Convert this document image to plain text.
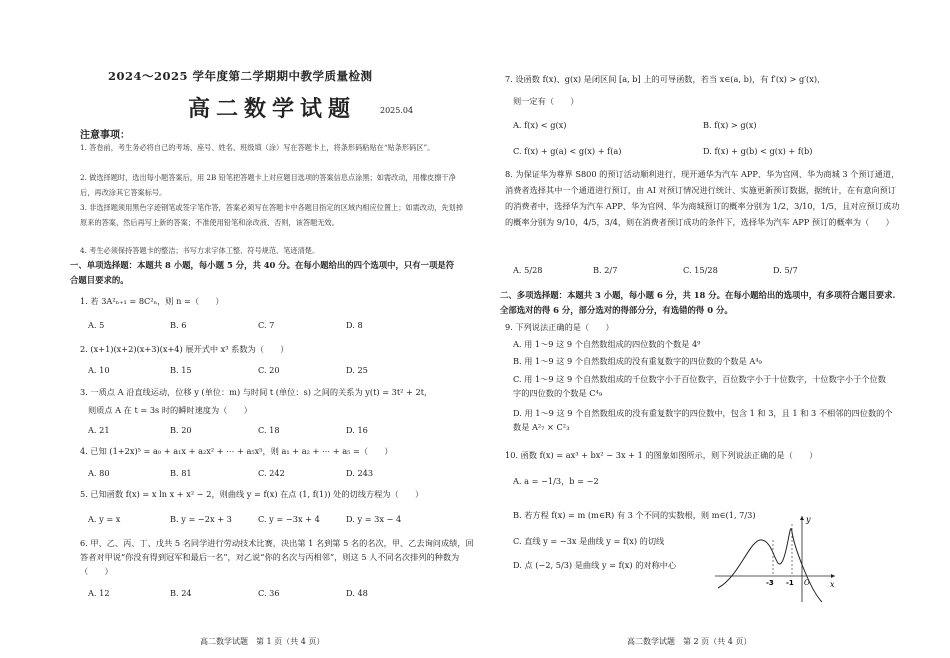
2024～2025 学年度第二学期期中教学质量检测
高二数学试题	2025.04
注意事项：
1. 答卷前，考生务必将自己的考场、座号、姓名、班级填（涂）写在答题卡上，将条形码粘贴在“贴条形码区”。
2. 做选择题时，选出每小题答案后，用 2B 铅笔把答题卡上对应题目选项的答案信息点涂黑；如需改动，用橡皮擦干净后，再改涂其它答案标号。
3. 非选择题须用黑色字迹钢笔或签字笔作答，答案必须写在答题卡中各题目指定的区域内相应位置上；如需改动，先划掉原来的答案，然后再写上新的答案；不准使用铅笔和涂改液、否则，该答题无效。
4. 考生必须保持答题卡的整洁；书写方求字体工整、符号规范、笔迹清楚。
一、单项选择题：本题共 8 小题，每小题 5 分，共 40 分。在每小题给出的四个选项中，只有一项是符合题目要求的。
1. 若 3A²ₙ₊₁ = 8C²ₙ，则 n =（　　）
A. 5	B. 6	C. 7	D. 8
2. (x+1)(x+2)(x+3)(x+4) 展开式中 x³ 系数为（　　）
A. 10	B. 15	C. 20	D. 25
3. 一质点 A 沿直线运动，位移 y (单位：m) 与时间 t (单位：s) 之间的关系为 y(t) = 3t² + 2t，
则质点 A 在 t = 3s 时的瞬时速度为（　　）
A. 21	B. 20	C. 18	D. 16
4. 已知 (1+2x)⁵ = a₀ + a₁x + a₂x² + ⋯ + a₅x⁵，则 a₁ + a₂ + ⋯ + a₅ =（　　）
A. 80	B. 81	C. 242	D. 243
5. 已知函数 f(x) = x ln x + x² − 2，则曲线 y = f(x) 在点 (1, f(1)) 处的切线方程为（　　）
A. y = x	B. y = −2x + 3	C. y = −3x + 4	D. y = 3x − 4
6. 甲、乙、丙、丁、戊共 5 名同学进行劳动技术比赛，决出第 1 名到第 5 名的名次，甲、乙去询问成绩，回答者对甲说“你没有得到冠军和最后一名”，对乙说“你的名次与丙相邻”，则这 5 人不同名次排列的种数为（　　）
A. 12	B. 24	C. 36	D. 48
高二数学试题　第 1 页（共 4 页）
7. 设函数 f(x)、g(x) 是闭区间 [a, b] 上的可导函数，若当 x∈(a, b)，有 f′(x) > g′(x)，
则一定有（　　）
A. f(x) < g(x)	B. f(x) > g(x)
C. f(x) + g(a) < g(x) + f(a)	D. f(x) + g(b) < g(x) + f(b)
8. 为保证华为尊界 S800 的预订活动顺利进行，现开通华为汽车 APP、华为官网、华为商城 3 个预订通道，消费者选择其中一个通道进行预订，由 AI 对预订情况进行统计、实施更新预订数据，据统计，在有意向预订的消费者中，选择华为汽车 APP、华为官网、华为商城预订的概率分别为 1/2，3/10，1/5，且对应预订成功的概率分别为 9/10，4/5，3/4，则在消费者预订成功的条件下，选择华为汽车 APP 预订的概率为（　　）
A. 5/28	B. 2/7	C. 15/28	D. 5/7
二、多项选择题：本题共 3 小题，每小题 6 分，共 18 分。在每小题给出的选项中，有多项符合题目要求. 全部选对的得 6 分，部分选对的得部分分，有选错的得 0 分。
9. 下列说法正确的是（　　）
A. 用 1～9 这 9 个自然数组成的四位数的个数是 4⁹
B. 用 1～9 这 9 个自然数组成的没有重复数字的四位数的个数是 A⁴₉
C. 用 1～9 这 9 个自然数组成的千位数字小于百位数字，百位数字小于十位数字，十位数字小于个位数字的四位数的个数是 C⁴₉
D. 用 1～9 这 9 个自然数组成的没有重复数字的四位数中，包含 1 和 3，且 1 和 3 不相邻的四位数的个数是 A²₇ × C²₃
10. 函数 f(x) = ax³ + bx² − 3x + 1 的图象如图所示，则下列说法正确的是（　　）
A. a = −1/3，b = −2
B. 若方程 f(x) = m (m∈R) 有 3 个不同的实数根，则 m∈(1, 7/3)
C. 直线 y = −3x 是曲线 y = f(x) 的切线
D. 点 (−2, 5/3) 是曲线 y = f(x) 的对称中心
高二数学试题　第 2 页（共 4 页）
y
x
O
-3 -1
